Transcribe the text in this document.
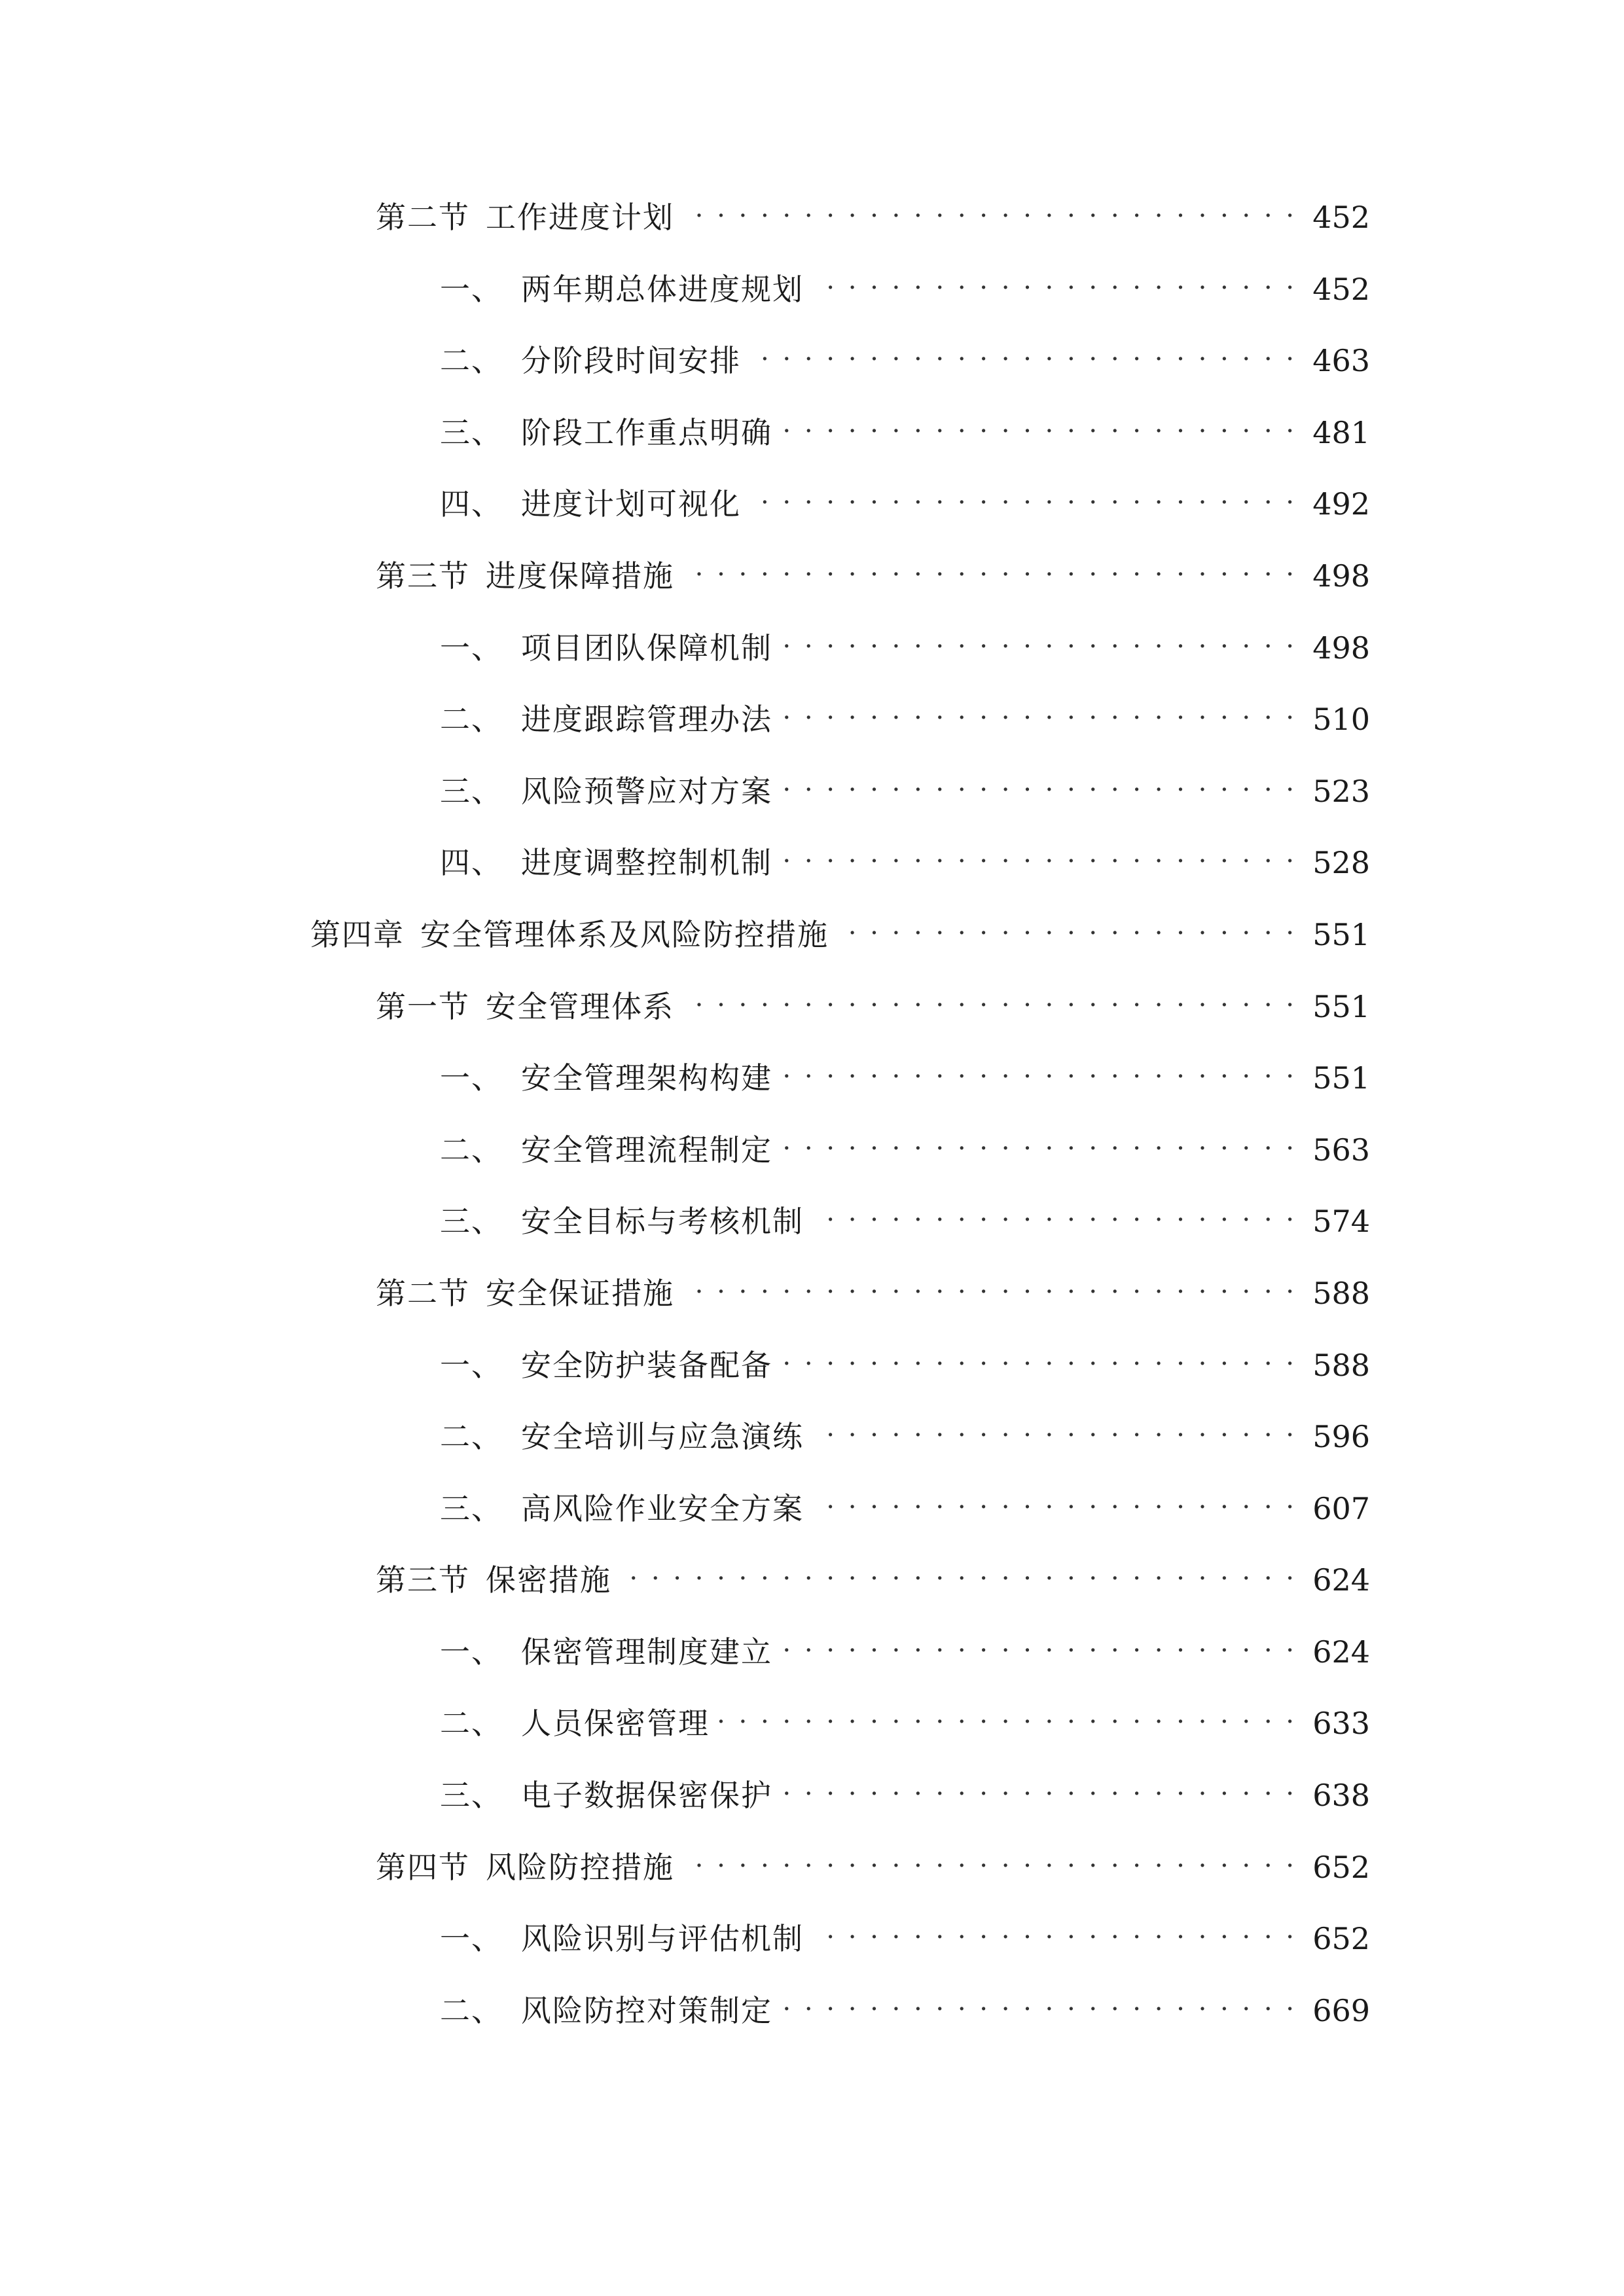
第二节 工作进度计划 . . .	452
一、 两年期总体进度规划 . . .	452
二、 分阶段时间安排 . . .	463
三、 阶段工作重点明确 . . .	481
四、 进度计划可视化 . . .	492
第三节 进度保障措施 . . .	498
一、 项目团队保障机制 . . .	498
二、 进度跟踪管理办法 . . .	510
三、 风险预警应对方案 . . .	523
四、 进度调整控制机制 . . .	528
第四章 安全管理体系及风险防控措施 . . .	551
第一节 安全管理体系 . . .	551
一、 安全管理架构构建 . . .	551
二、 安全管理流程制定 . . .	563
三、 安全目标与考核机制 . . .	574
第二节 安全保证措施 . . .	588
一、 安全防护装备配备 . . .	588
二、 安全培训与应急演练 . . .	596
三、 高风险作业安全方案 . . .	607
第三节 保密措施 . . .	624
一、 保密管理制度建立 . . .	624
二、 人员保密管理 . . .	633
三、 电子数据保密保护 . . .	638
第四节 风险防控措施 . . .	652
一、 风险识别与评估机制 . . .	652
二、 风险防控对策制定 . . .	669
